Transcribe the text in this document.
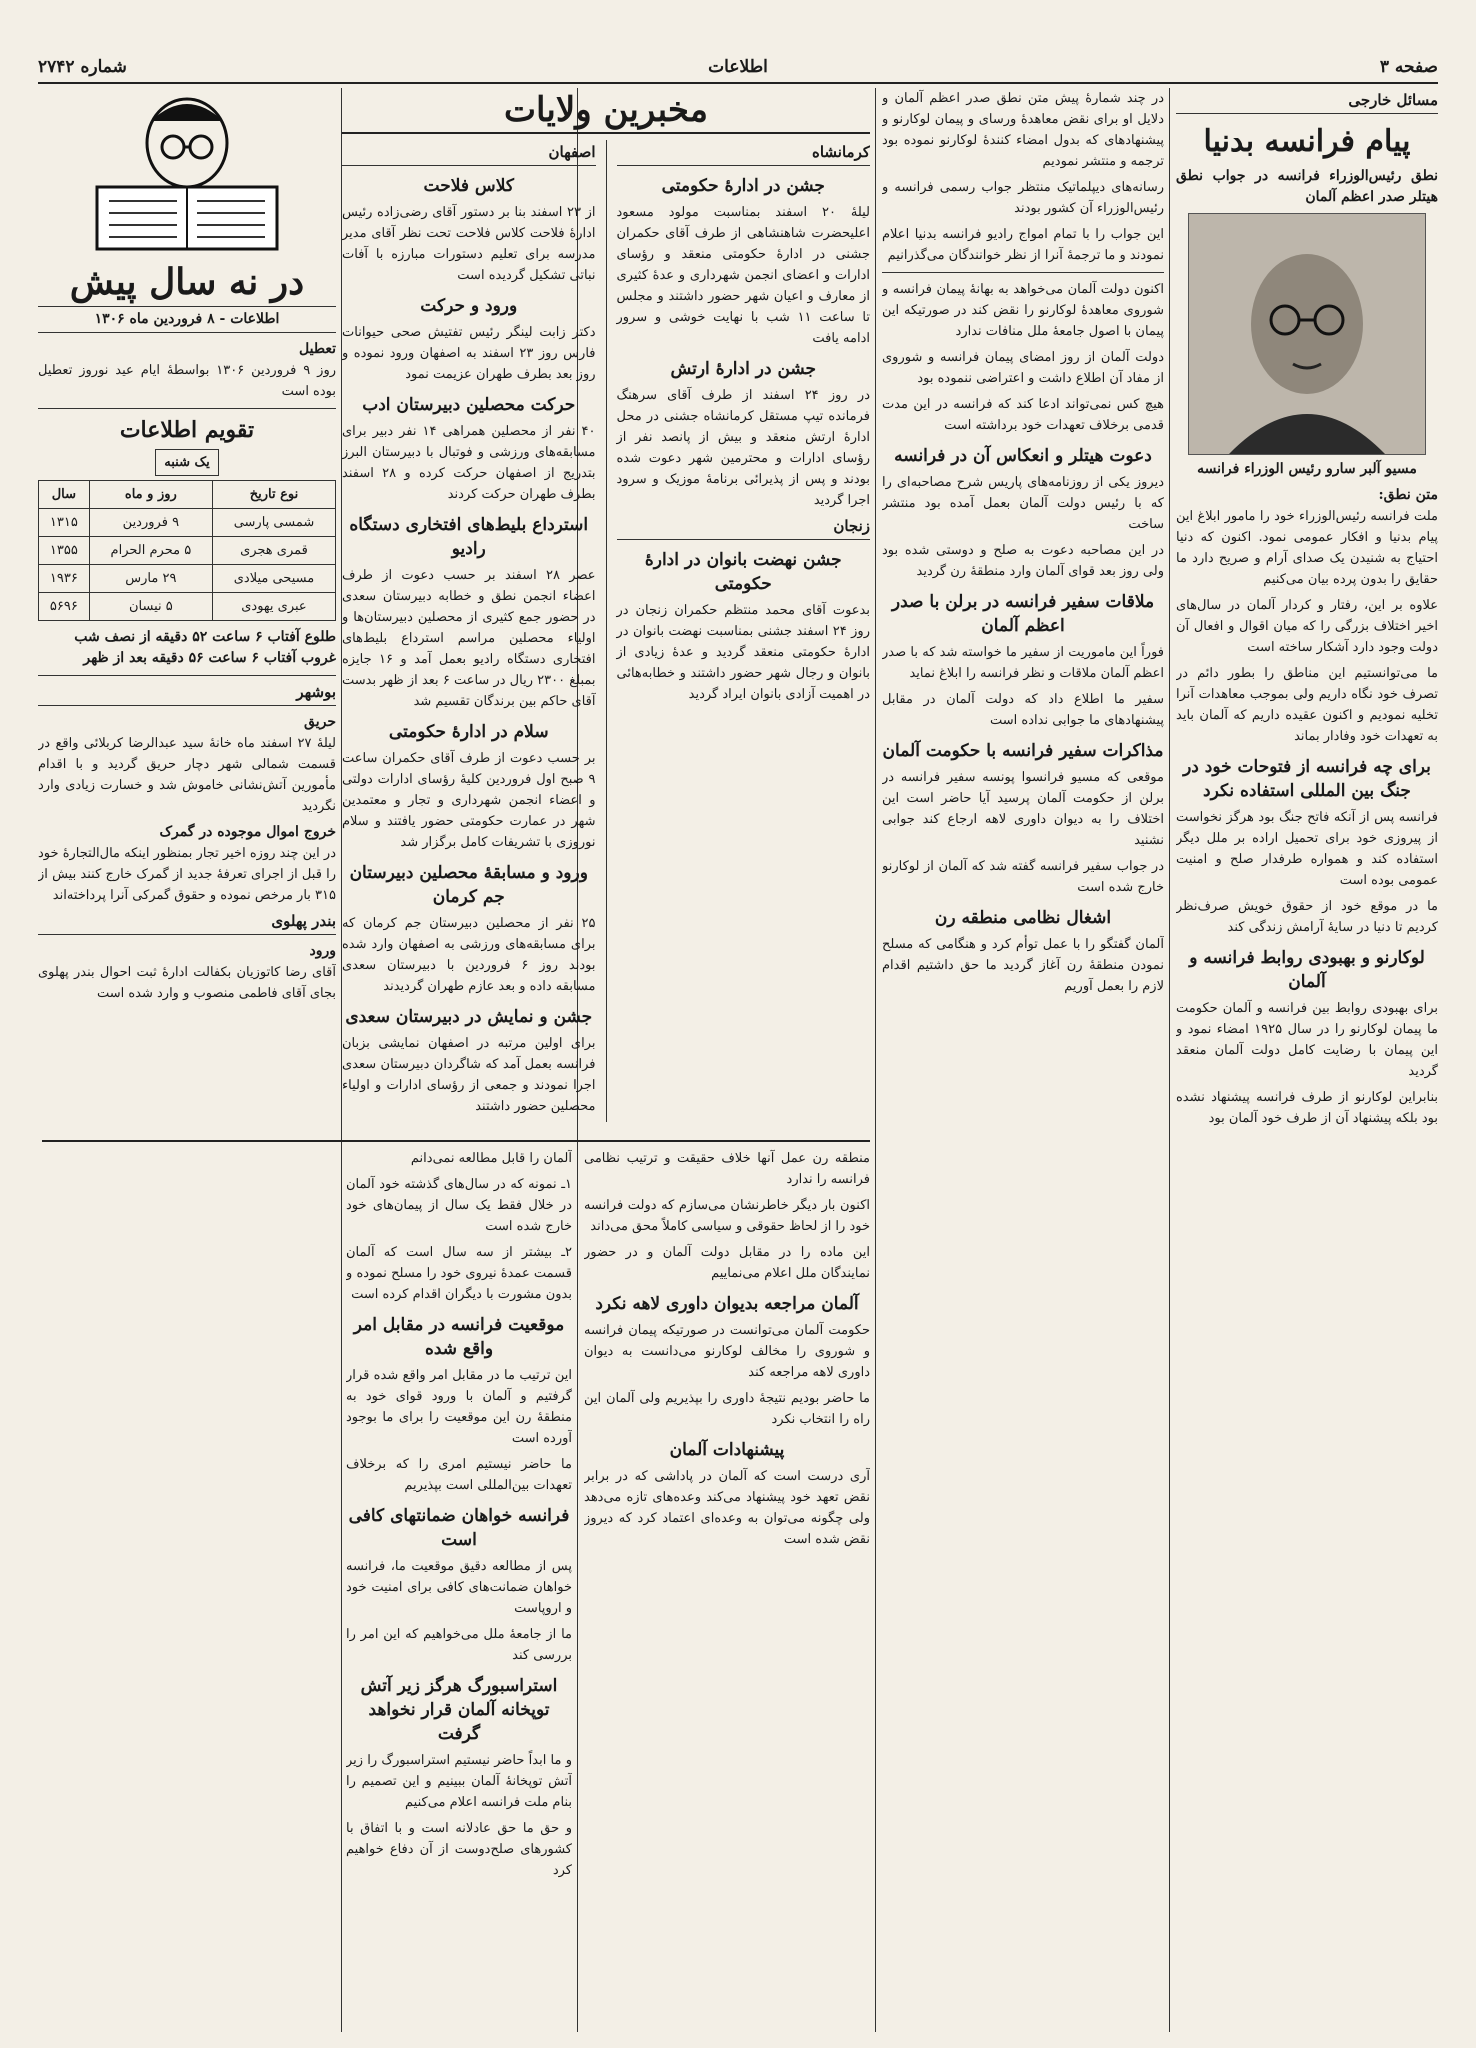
صفحه ۳
اطلاعات
شماره ۲۷۴۲
مسائل خارجی
پیام فرانسه بدنیا

نطق رئیس‌الوزراء فرانسه در جواب نطق هیتلر صدر اعظم آلمان

مسیو آلبر سارو رئیس الوزراء فرانسه
متن نطق:

ملت فرانسه رئیس‌الوزراء خود را مامور ابلاغ این پیام بدنیا و افکار عمومی نمود. اکنون که دنیا احتیاج به شنیدن یک صدای آرام و صریح دارد ما حقایق را بدون پرده بیان می‌کنیم

علاوه بر این، رفتار و کردار آلمان در سال‌های اخیر اختلاف بزرگی را که میان اقوال و افعال آن دولت وجود دارد آشکار ساخته است

ما می‌توانستیم این مناطق را بطور دائم در تصرف خود نگاه داریم ولی بموجب معاهدات آنرا تخلیه نمودیم و اکنون عقیده داریم که آلمان باید به تعهدات خود وفادار بماند

برای چه فرانسه از فتوحات خود در جنگ بین المللی استفاده نکرد

فرانسه پس از آنکه فاتح جنگ بود هرگز نخواست از پیروزی خود برای تحمیل اراده بر ملل دیگر استفاده کند و همواره طرفدار صلح و امنیت عمومی بوده است

ما در موقع خود از حقوق خویش صرف‌نظر کردیم تا دنیا در سایهٔ آرامش زندگی کند

لوکارنو و بهبودی روابط فرانسه و آلمان

برای بهبودی روابط بین فرانسه و آلمان حکومت ما پیمان لوکارنو را در سال ۱۹۲۵ امضاء نمود و این پیمان با رضایت کامل دولت آلمان منعقد گردید

بنابراین لوکارنو از طرف فرانسه پیشنهاد نشده بود بلکه پیشنهاد آن از طرف خود آلمان بود

در چند شمارهٔ پیش متن نطق صدر اعظم آلمان و دلایل او برای نقض معاهدهٔ ورسای و پیمان لوکارنو و پیشنهادهای که بدول امضاء کنندهٔ لوکارنو نموده بود ترجمه و منتشر نمودیم

رسانه‌های دیپلماتیک منتظر جواب رسمی فرانسه و رئیس‌الوزراء آن کشور بودند

این جواب را با تمام امواج رادیو فرانسه بدنیا اعلام نمودند و ما ترجمهٔ آنرا از نظر خوانندگان می‌گذرانیم

اکنون دولت آلمان می‌خواهد به بهانهٔ پیمان فرانسه و شوروی معاهدهٔ لوکارنو را نقض کند در صورتیکه این پیمان با اصول جامعهٔ ملل منافات ندارد

دولت آلمان از روز امضای پیمان فرانسه و شوروی از مفاد آن اطلاع داشت و اعتراضی ننموده بود

هیچ کس نمی‌تواند ادعا کند که فرانسه در این مدت قدمی برخلاف تعهدات خود برداشته است

دعوت هیتلر و انعکاس آن در فرانسه

دیروز یکی از روزنامه‌های پاریس شرح مصاحبه‌ای را که با رئیس دولت آلمان بعمل آمده بود منتشر ساخت

در این مصاحبه دعوت به صلح و دوستی شده بود ولی روز بعد قوای آلمان وارد منطقهٔ رن گردید

ملاقات سفیر فرانسه در برلن با صدر اعظم آلمان

فوراً این ماموریت از سفیر ما خواسته شد که با صدر اعظم آلمان ملاقات و نظر فرانسه را ابلاغ نماید

سفیر ما اطلاع داد که دولت آلمان در مقابل پیشنهادهای ما جوابی نداده است

مذاکرات سفیر فرانسه با حکومت آلمان

موقعی که مسیو فرانسوا پونسه سفیر فرانسه در برلن از حکومت آلمان پرسید آیا حاضر است این اختلاف را به دیوان داوری لاهه ارجاع کند جوابی نشنید

در جواب سفیر فرانسه گفته شد که آلمان از لوکارنو خارج شده است

اشغال نظامی منطقه رن

آلمان گفتگو را با عمل توأم کرد و هنگامی که مسلح نمودن منطقهٔ رن آغاز گردید ما حق داشتیم اقدام لازم را بعمل آوریم

مخبرین ولایات
کرمانشاه
جشن در ادارهٔ حکومتی

لیلهٔ ۲۰ اسفند بمناسبت مولود مسعود اعلیحضرت شاهنشاهی از طرف آقای حکمران جشنی در ادارهٔ حکومتی منعقد و رؤسای ادارات و اعضای انجمن شهرداری و عدهٔ کثیری از معارف و اعیان شهر حضور داشتند و مجلس تا ساعت ۱۱ شب با نهایت خوشی و سرور ادامه یافت

جشن در ادارهٔ ارتش

در روز ۲۴ اسفند از طرف آقای سرهنگ فرمانده تیپ مستقل کرمانشاه جشنی در محل ادارهٔ ارتش منعقد و بیش از پانصد نفر از رؤسای ادارات و محترمین شهر دعوت شده بودند و پس از پذیرائی برنامهٔ موزیک و سرود اجرا گردید

زنجان
جشن نهضت بانوان در ادارهٔ حکومتی

بدعوت آقای محمد منتظم حکمران زنجان در روز ۲۴ اسفند جشنی بمناسبت نهضت بانوان در ادارهٔ حکومتی منعقد گردید و عدهٔ زیادی از بانوان و رجال شهر حضور داشتند و خطابه‌هائی در اهمیت آزادی بانوان ایراد گردید

اصفهان
کلاس فلاحت

از ۲۳ اسفند بنا بر دستور آقای رضی‌زاده رئیس ادارهٔ فلاحت کلاس فلاحت تحت نظر آقای مدیر مدرسه برای تعلیم دستورات مبارزه با آفات نباتی تشکیل گردیده است

ورود و حرکت

دکتر زابت لینگر رئیس تفتیش صحی حیوانات فارس روز ۲۳ اسفند به اصفهان ورود نموده و روز بعد بطرف طهران عزیمت نمود

حرکت محصلین دبیرستان ادب

۴۰ نفر از محصلین همراهی ۱۴ نفر دبیر برای مسابقه‌های ورزشی و فوتبال با دبیرستان البرز بتدریج از اصفهان حرکت کرده و ۲۸ اسفند بطرف طهران حرکت کردند

استرداع بلیط‌های افتخاری دستگاه رادیو

عصر ۲۸ اسفند بر حسب دعوت از طرف اعضاء انجمن نطق و خطابه دبیرستان سعدی در حضور جمع کثیری از محصلین دبیرستان‌ها و اولیاء محصلین مراسم استرداع بلیط‌های افتخاری دستگاه رادیو بعمل آمد و ۱۶ جایزه بمبلغ ۲۳۰۰ ریال در ساعت ۶ بعد از ظهر بدست آقای حاکم بین برندگان تقسیم شد

سلام در ادارهٔ حکومتی

بر حسب دعوت از طرف آقای حکمران ساعت ۹ صبح اول فروردین کلیهٔ رؤسای ادارات دولتی و اعضاء انجمن شهرداری و تجار و معتمدین شهر در عمارت حکومتی حضور یافتند و سلام نوروزی با تشریفات کامل برگزار شد

ورود و مسابقهٔ محصلین دبیرستان جم کرمان

۲۵ نفر از محصلین دبیرستان جم کرمان که برای مسابقه‌های ورزشی به اصفهان وارد شده بودند روز ۶ فروردین با دبیرستان سعدی مسابقه داده و بعد عازم طهران گردیدند

جشن و نمایش در دبیرستان سعدی

برای اولین مرتبه در اصفهان نمایشی بزبان فرانسه بعمل آمد که شاگردان دبیرستان سعدی اجرا نمودند و جمعی از رؤسای ادارات و اولیاء محصلین حضور داشتند

منطقه رن عمل آنها خلاف حقیقت و ترتیب نظامی فرانسه را ندارد

اکنون بار دیگر خاطرنشان می‌سازم که دولت فرانسه خود را از لحاظ حقوقی و سیاسی کاملاً محق می‌داند

این ماده را در مقابل دولت آلمان و در حضور نمایندگان ملل اعلام می‌نماییم

آلمان مراجعه بدیوان داوری لاهه نکرد

حکومت آلمان می‌توانست در صورتیکه پیمان فرانسه و شوروی را مخالف لوکارنو می‌دانست به دیوان داوری لاهه مراجعه کند

ما حاضر بودیم نتیجهٔ داوری را بپذیریم ولی آلمان این راه را انتخاب نکرد

پیشنهادات آلمان

آری درست است که آلمان در پاداشی که در برابر نقض تعهد خود پیشنهاد می‌کند وعده‌های تازه می‌دهد ولی چگونه می‌توان به وعده‌ای اعتماد کرد که دیروز نقض شده است

آلمان را قابل مطالعه نمی‌دانم

۱ـ نمونه که در سال‌های گذشته خود آلمان در خلال فقط یک سال از پیمان‌های خود خارج شده است

۲ـ بیشتر از سه سال است که آلمان قسمت عمدهٔ نیروی خود را مسلح نموده و بدون مشورت با دیگران اقدام کرده است

موقعیت فرانسه در مقابل امر واقع شده

این ترتیب ما در مقابل امر واقع شده قرار گرفتیم و آلمان با ورود قوای خود به منطقهٔ رن این موقعیت را برای ما بوجود آورده است

ما حاضر نیستیم امری را که برخلاف تعهدات بین‌المللی است بپذیریم

فرانسه خواهان ضمانتهای کافی است

پس از مطالعه دقیق موقعیت ما، فرانسه خواهان ضمانت‌های کافی برای امنیت خود و اروپاست

ما از جامعهٔ ملل می‌خواهیم که این امر را بررسی کند

استراسبورگ هرگز زیر آتش توپخانه آلمان قرار نخواهد گرفت

و ما ابداً حاضر نیستیم استراسبورگ را زیر آتش توپخانهٔ آلمان ببینیم و این تصمیم را بنام ملت فرانسه اعلام می‌کنیم

و حق ما حق عادلانه است و با اتفاق با کشورهای صلح‌دوست از آن دفاع خواهیم کرد

در نه سال پیش
اطلاعات - ۸ فروردین ماه ۱۳۰۶
تعطیل

روز ۹ فروردین ۱۳۰۶ بواسطهٔ ایام عید نوروز تعطیل بوده است

تقویم اطلاعات
یک شنبه
نوع تاریخ	روز و ماه	سال
شمسی پارسی	۹ فروردین	۱۳۱۵
قمری هجری	۵ محرم الحرام	۱۳۵۵
مسیحی میلادی	۲۹ مارس	۱۹۳۶
عبری یهودی	۵ نیسان	۵۶۹۶
طلوع آفتاب ۶ ساعت ۵۲ دقیقه از نصف شب
غروب آفتاب ۶ ساعت ۵۶ دقیقه بعد از ظهر
بوشهر
حریق

لیلهٔ ۲۷ اسفند ماه خانهٔ سید عبدالرضا کربلائی واقع در قسمت شمالی شهر دچار حریق گردید و با اقدام مأمورین آتش‌نشانی خاموش شد و خسارت زیادی وارد نگردید

خروج اموال موجوده در گمرک

در این چند روزه اخیر تجار بمنظور اینکه مال‌التجارهٔ خود را قبل از اجرای تعرفهٔ جدید از گمرک خارج کنند بیش از ۳۱۵ بار مرخص نموده و حقوق گمرکی آنرا پرداخته‌اند

بندر پهلوی
ورود

آقای رضا کاتوزیان بکفالت ادارهٔ ثبت احوال بندر پهلوی بجای آقای فاطمی منصوب و وارد شده است
